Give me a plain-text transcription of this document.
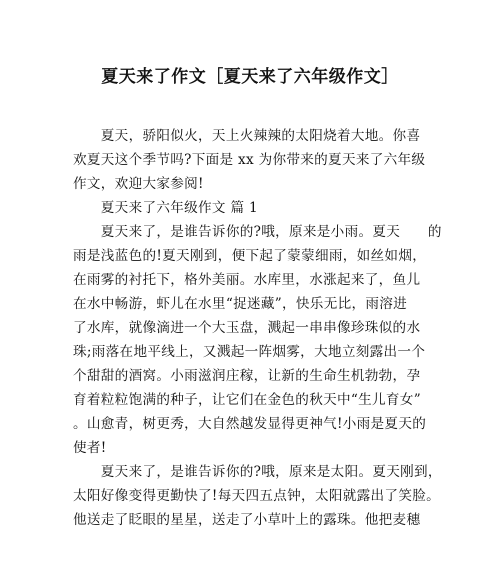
夏天来了作文［夏天来了六年级作文］
　　夏天，骄阳似火，天上火辣辣的太阳烧着大地。你喜
欢夏天这个季节吗?下面是 xx 为你带来的夏天来了六年级
作文，欢迎大家参阅!
　　夏天来了六年级作文 篇 1
　　夏天来了，是谁告诉你的?哦，原来是小雨。夏天　　的
雨是浅蓝色的!夏天刚到，便下起了蒙蒙细雨，如丝如烟，
在雨雾的衬托下，格外美丽。水库里，水涨起来了，鱼儿
在水中畅游，虾儿在水里“捉迷藏”，快乐无比，雨溶进
了水库，就像滴进一个大玉盘，溅起一串串像珍珠似的水
珠;雨落在地平线上，又溅起一阵烟雾，大地立刻露出一个
个甜甜的酒窝。小雨滋润庄稼，让新的生命生机勃勃，孕
育着粒粒饱满的种子，让它们在金色的秋天中“生儿育女”
。山愈青，树更秀，大自然越发显得更神气!小雨是夏天的
使者!
　　夏天来了，是谁告诉你的?哦，原来是太阳。夏天刚到，
太阳好像变得更勤快了!每天四五点钟，太阳就露出了笑脸。
他送走了眨眼的星星，送走了小草叶上的露珠。他把麦穗
